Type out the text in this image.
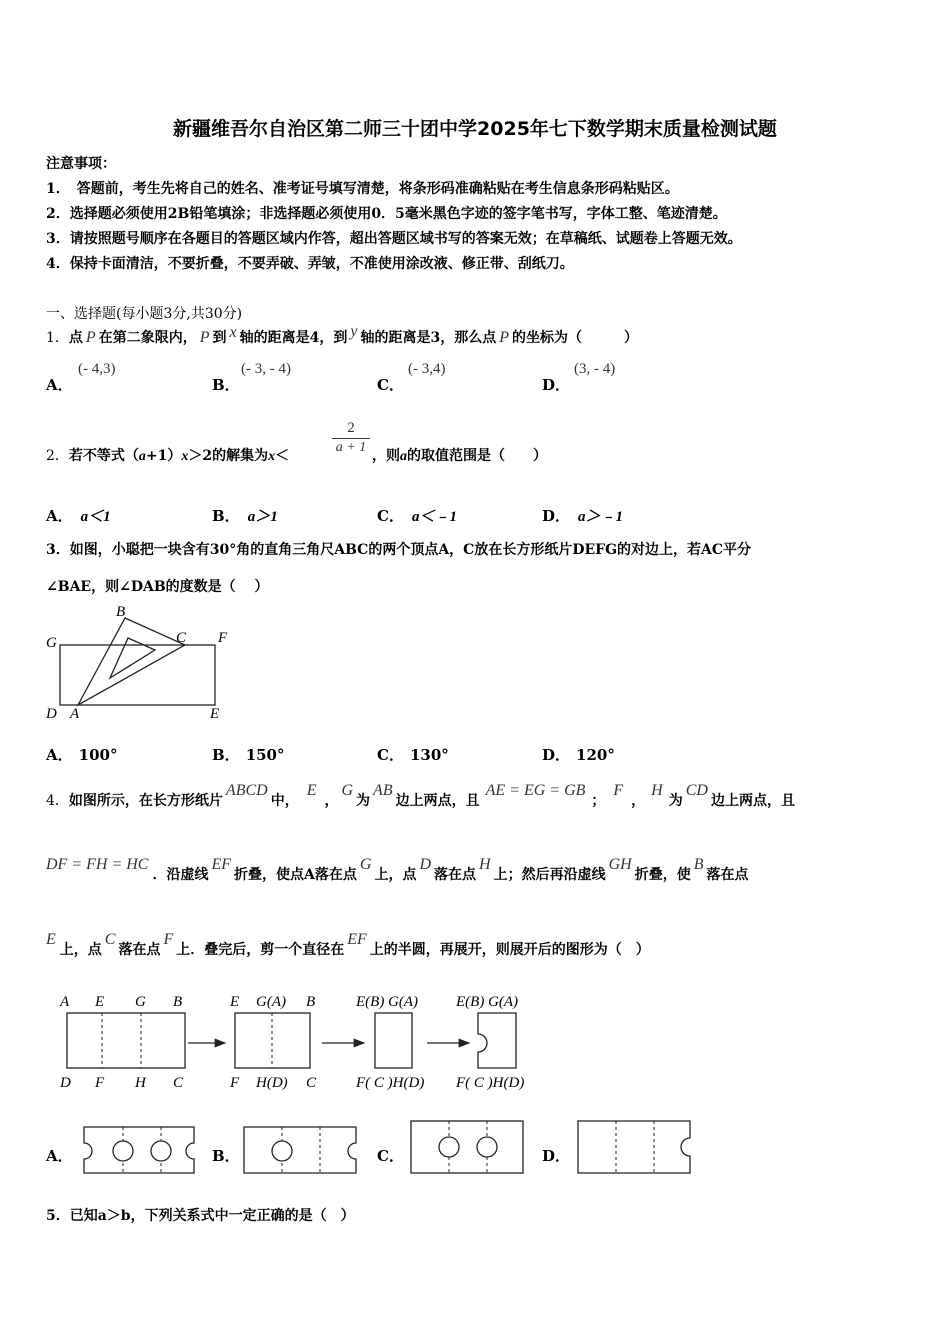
新疆维吾尔自治区第二师三十团中学2025年七下数学期末质量检测试题
注意事项：
1．　答题前，考生先将自己的姓名、准考证号填写清楚，将条形码准确粘贴在考生信息条形码粘贴区。
2．选择题必须使用2B铅笔填涂；非选择题必须使用0．5毫米黑色字迹的签字笔书写，字体工整、笔迹清楚。
3．请按照题号顺序在各题目的答题区域内作答，超出答题区域书写的答案无效；在草稿纸、试题卷上答题无效。
4．保持卡面清洁，不要折叠，不要弄破、弄皱，不准使用涂改液、修正带、刮纸刀。
一、选择题(每小题3分,共30分)
1．点 P 在第二象限内， P 到 x 轴的距离是4，到 y 轴的距离是3，那么点 P 的坐标为（　　　）
A．
(- 4,3)
B．
(- 3, - 4)
C．
(- 3,4)
D．
(3, - 4)
2．若不等式（a+1）x＞2的解集为x＜
2
a + 1
，则a的取值范围是（　　）
A． a＜1	B． a＞1	C． a＜﹣1	D． a＞﹣1
3．如图，小聪把一块含有30°角的直角三角尺ABC的两个顶点A，C放在长方形纸片DEFG的对边上，若AC平分
∠BAE，则∠DAB的度数是（　 ）
G
B
C F
D A	E
A． 100°	B． 150°	C． 130°	D． 120°
4．如图所示，在长方形纸片ABCD中，E，G为AB边上两点，且AE = EG = GB；F，H为CD边上两点，且
DF = FH = HC．沿虚线EF折叠，使点A落在点G上，点D落在点H上；然后再沿虚线GH折叠，使B落在点
E上，点C落在点F上．叠完后，剪一个直径在EF上的半圆，再展开，则展开后的图形为（　）
A E G B
D F H C
E G(A) B
F H(D) C
E(B) G(A)
F( C )H(D)
E(B) G(A)
F( C )H(D)
A．	B．	C．	D．
5．已知a＞b，下列关系式中一定正确的是（　）
